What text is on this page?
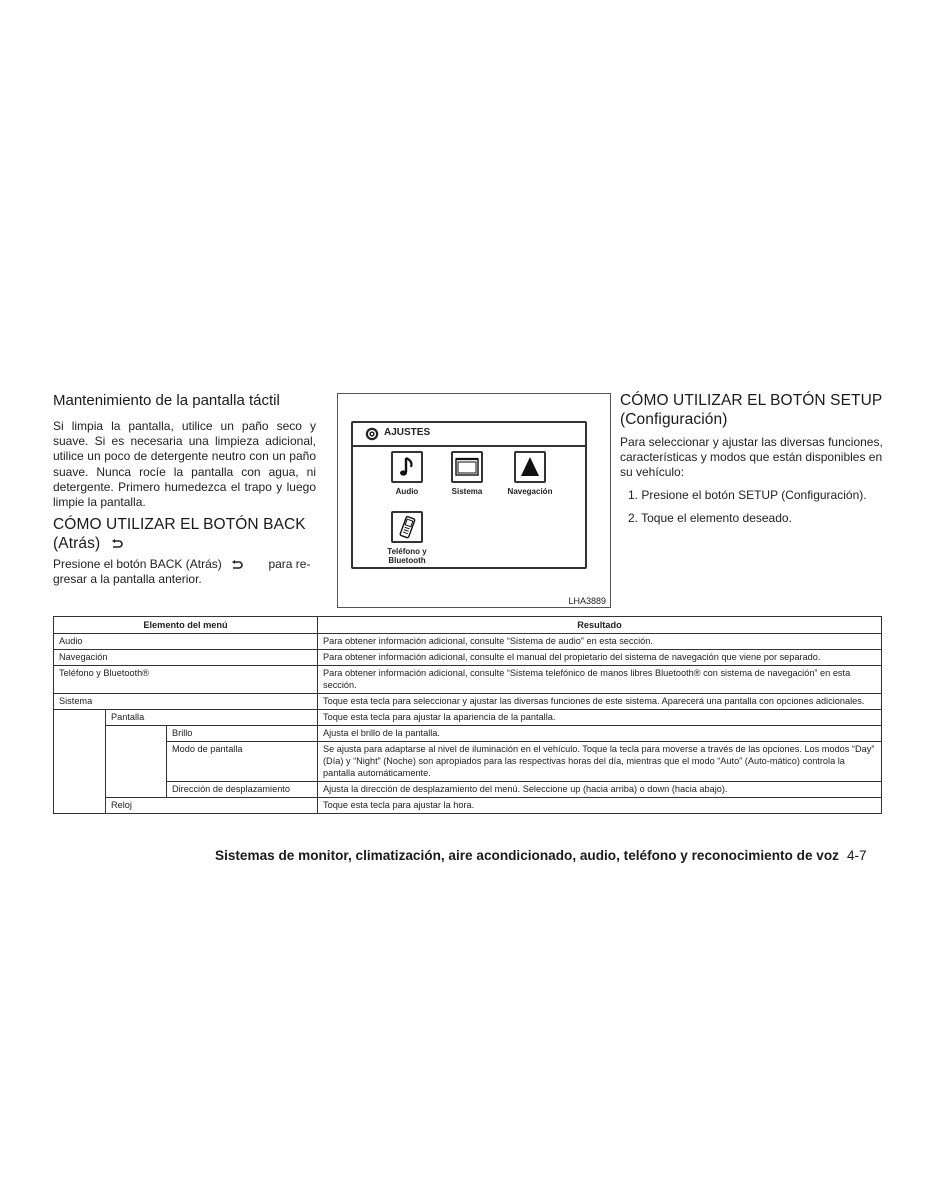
Mantenimiento de la pantalla táctil
Si limpia la pantalla, utilice un paño seco y suave. Si es necesaria una limpieza adicional, utilice un poco de detergente neutro con un paño suave. Nunca rocíe la pantalla con agua, ni detergente. Primero humedezca el trapo y luego limpie la pantalla.
CÓMO UTILIZAR EL BOTÓN BACK
(Atrás)
Presione el botón BACK (Atrás)	para re-
gresar a la pantalla anterior.
AJUSTES
Audio	Sistema	Navegación
Teléfono y Bluetooth
LHA3889
CÓMO UTILIZAR EL BOTÓN SETUP
(Configuración)
Para seleccionar y ajustar las diversas funciones, características y modos que están disponibles en su vehículo:
1. Presione el botón SETUP (Configuración).
2. Toque el elemento deseado.
Elemento del menú			Resultado
Audio			Para obtener información adicional, consulte “Sistema de audio” en esta sección.
Navegación			Para obtener información adicional, consulte el manual del propietario del sistema de navegación que viene por separado.
Teléfono y Bluetooth®			Para obtener información adicional, consulte “Sistema telefónico de manos libres Bluetooth® con sistema de navegación” en esta sección.
Sistema			Toque esta tecla para seleccionar y ajustar las diversas funciones de este sistema. Aparecerá una pantalla con opciones adicionales.
	Pantalla		Toque esta tecla para ajustar la apariencia de la pantalla.
		Brillo	Ajusta el brillo de la pantalla.
		Modo de pantalla	Se ajusta para adaptarse al nivel de iluminación en el vehículo. Toque la tecla para moverse a través de las opciones. Los modos “Day” (Día) y “Night” (Noche) son apropiados para las respectivas horas del día, mientras que el modo “Auto” (Auto-mático) controla la pantalla automáticamente.
		Dirección de desplazamiento	Ajusta la dirección de desplazamiento del menú. Seleccione up (hacia arriba) o down (hacia abajo).
	Reloj		Toque esta tecla para ajustar la hora.
Sistemas de monitor, climatización, aire acondicionado, audio, teléfono y reconocimiento de voz 4-7
